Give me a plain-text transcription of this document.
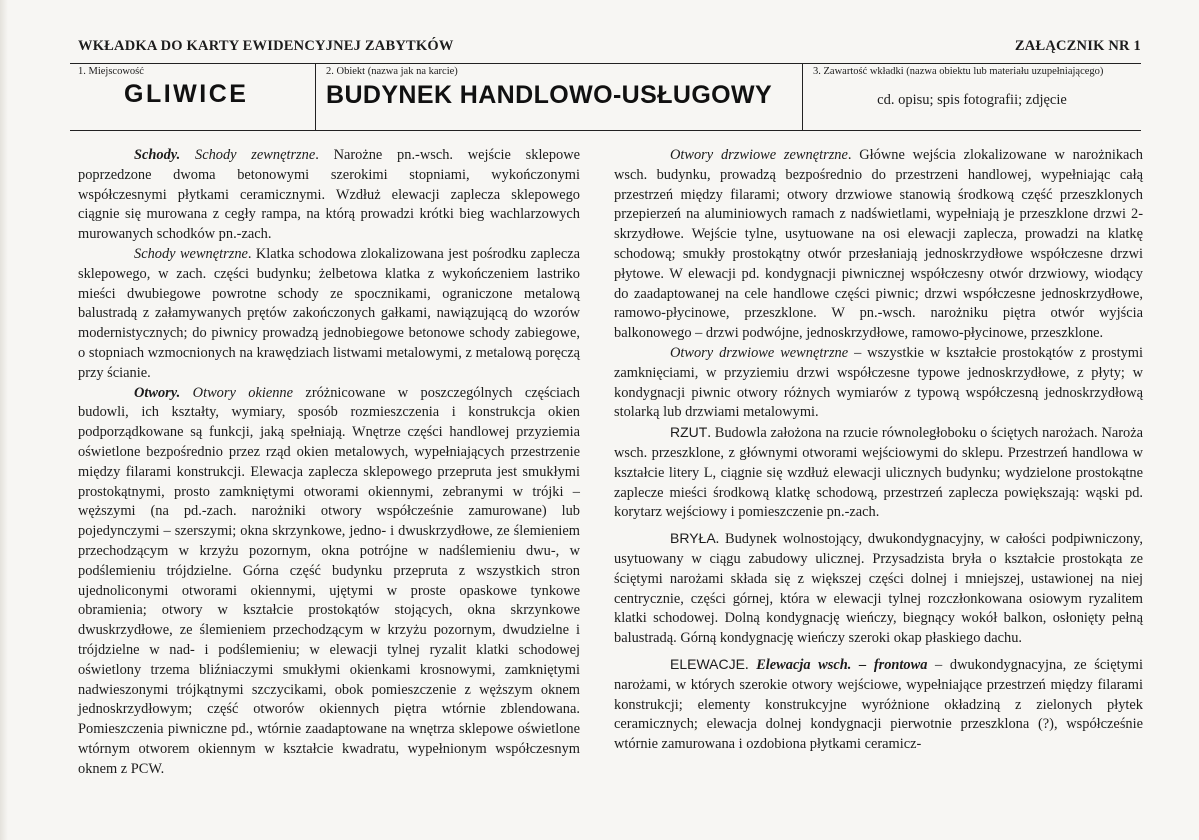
WKŁADKA DO KARTY EWIDENCYJNEJ ZABYTKÓW	ZAŁĄCZNIK NR 1
1. Miejscowość
GLIWICE
2. Obiekt (nazwa jak na karcie)
BUDYNEK HANDLOWO-USŁUGOWY
3. Zawartość wkładki (nazwa obiektu lub materiału uzupełniającego)
cd. opisu; spis fotografii; zdjęcie

Schody. Schody zewnętrzne. Narożne pn.-wsch. wejście sklepowe poprzedzone dwoma betonowymi szerokimi stopniami, wykończonymi współczesnymi płytkami ceramicznymi. Wzdłuż elewacji zaplecza sklepowego ciągnie się murowana z cegły rampa, na którą prowadzi krótki bieg wachlarzowych murowanych schodków pn.-zach.

Schody wewnętrzne. Klatka schodowa zlokalizowana jest pośrodku zaplecza sklepowego, w zach. części budynku; żelbetowa klatka z wykończeniem lastriko mieści dwubiegowe powrotne schody ze spocznikami, ograniczone metalową balustradą z załamywanych prętów zakończonych gałkami, nawiązującą do wzorów modernistycznych; do piwnicy prowadzą jednobiegowe betonowe schody zabiegowe, o stopniach wzmocnionych na krawędziach listwami metalowymi, z metalową poręczą przy ścianie.

Otwory. Otwory okienne zróżnicowane w poszczególnych częściach budowli, ich kształty, wymiary, sposób rozmieszczenia i konstrukcja okien podporządkowane są funkcji, jaką spełniają. Wnętrze części handlowej przyziemia oświetlone bezpośrednio przez rząd okien metalowych, wypełniających przestrzenie między filarami konstrukcji. Elewacja zaplecza sklepowego przepruta jest smukłymi prostokątnymi, prosto zamkniętymi otworami okiennymi, zebranymi w trójki – węższymi (na pd.-zach. narożniki otwory współcześnie zamurowane) lub pojedynczymi – szerszymi; okna skrzynkowe, jedno- i dwuskrzydłowe, ze ślemieniem przechodzącym w krzyżu pozornym, okna potrójne w nadślemieniu dwu-, w podślemieniu trójdzielne. Górna część budynku przepruta z wszystkich stron ujednoliconymi otworami okiennymi, ujętymi w proste opaskowe tynkowe obramienia; otwory w kształcie prostokątów stojących, okna skrzynkowe dwuskrzydłowe, ze ślemieniem przechodzącym w krzyżu pozornym, dwudzielne i trójdzielne w nad- i podślemieniu; w elewacji tylnej ryzalit klatki schodowej oświetlony trzema bliźniaczymi smukłymi okienkami krosnowymi, zamkniętymi nadwieszonymi trójkątnymi szczycikami, obok pomieszczenie z węższym oknem jednoskrzydłowym; część otworów okiennych piętra wtórnie zblendowana. Pomieszczenia piwniczne pd., wtórnie zaadaptowane na wnętrza sklepowe oświetlone wtórnym otworem okiennym w kształcie kwadratu, wypełnionym współczesnym oknem z PCW.

Otwory drzwiowe zewnętrzne. Główne wejścia zlokalizowane w narożnikach wsch. budynku, prowadzą bezpośrednio do przestrzeni handlowej, wypełniając całą przestrzeń między filarami; otwory drzwiowe stanowią środkową część przeszklonych przepierzeń na aluminiowych ramach z nadświetlami, wypełniają je przeszklone drzwi 2-skrzydłowe. Wejście tylne, usytuowane na osi elewacji zaplecza, prowadzi na klatkę schodową; smukły prostokątny otwór przesłaniają jednoskrzydłowe współczesne drzwi płytowe. W elewacji pd. kondygnacji piwnicznej współczesny otwór drzwiowy, wiodący do zaadaptowanej na cele handlowe części piwnic; drzwi współczesne jednoskrzydłowe, ramowo-płycinowe, przeszklone. W pn.-wsch. narożniku piętra otwór wyjścia balkonowego – drzwi podwójne, jednoskrzydłowe, ramowo-płycinowe, przeszklone.

Otwory drzwiowe wewnętrzne – wszystkie w kształcie prostokątów z prostymi zamknięciami, w przyziemiu drzwi współczesne typowe jednoskrzydłowe, z płyty; w kondygnacji piwnic otwory różnych wymiarów z typową współczesną jednoskrzydłową stolarką lub drzwiami metalowymi.

RZUT. Budowla założona na rzucie równoległoboku o ściętych narożach. Naroża wsch. przeszklone, z głównymi otworami wejściowymi do sklepu. Przestrzeń handlowa w kształcie litery L, ciągnie się wzdłuż elewacji ulicznych budynku; wydzielone prostokątne zaplecze mieści środkową klatkę schodową, przestrzeń zaplecza powiększają: wąski pd. korytarz wejściowy i pomieszczenie pn.-zach.

BRYŁA. Budynek wolnostojący, dwukondygnacyjny, w całości podpiwniczony, usytuowany w ciągu zabudowy ulicznej. Przysadzista bryła o kształcie prostokąta ze ściętymi narożami składa się z większej części dolnej i mniejszej, ustawionej na niej centrycznie, części górnej, która w elewacji tylnej rozczłonkowana osiowym ryzalitem klatki schodowej. Dolną kondygnację wieńczy, biegnący wokół balkon, osłonięty pełną balustradą. Górną kondygnację wieńczy szeroki okap płaskiego dachu.

ELEWACJE. Elewacja wsch. – frontowa – dwukondygnacyjna, ze ściętymi narożami, w których szerokie otwory wejściowe, wypełniające przestrzeń między filarami konstrukcji; elementy konstrukcyjne wyróżnione okładziną z zielonych płytek ceramicznych; elewacja dolnej kondygnacji pierwotnie przeszklona (?), współcześnie wtórnie zamurowana i ozdobiona płytkami ceramicz-
